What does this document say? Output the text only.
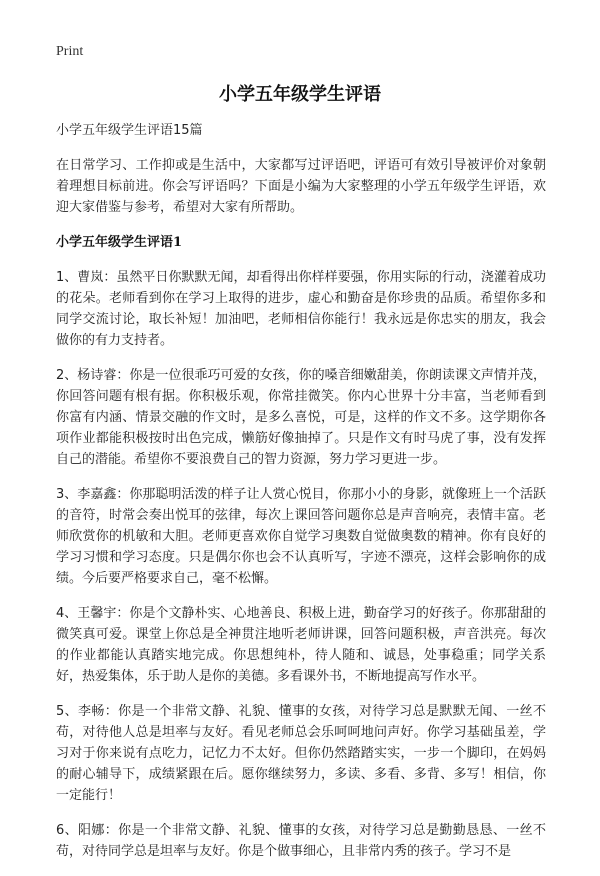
Print
小学五年级学生评语

小学五年级学生评语15篇

在日常学习、工作抑或是生活中，大家都写过评语吧，评语可有效引导被评价对象朝着理想目标前进。你会写评语吗？下面是小编为大家整理的小学五年级学生评语，欢迎大家借鉴与参考，希望对大家有所帮助。

小学五年级学生评语1

1、曹岚：虽然平日你默默无闻，却看得出你样样要强，你用实际的行动，浇灌着成功的花朵。老师看到你在学习上取得的进步，虚心和勤奋是你珍贵的品质。希望你多和同学交流讨论，取长补短！加油吧，老师相信你能行！我永远是你忠实的朋友，我会做你的有力支持者。

2、杨诗睿：你是一位很乖巧可爱的女孩，你的嗓音细嫩甜美，你朗读课文声情并茂，你回答问题有根有据。你积极乐观，你常挂微笑。你内心世界十分丰富，当老师看到你富有内涵、情景交融的作文时，是多么喜悦，可是，这样的作文不多。这学期你各项作业都能积极按时出色完成，懒筋好像抽掉了。只是作文有时马虎了事，没有发挥自己的潜能。希望你不要浪费自己的智力资源，努力学习更进一步。

3、李嘉鑫：你那聪明活泼的样子让人赏心悦目，你那小小的身影，就像班上一个活跃的音符，时常会奏出悦耳的弦律，每次上课回答问题你总是声音响亮，表情丰富。老师欣赏你的机敏和大胆。老师更喜欢你自觉学习奥数自觉做奥数的精神。你有良好的学习习惯和学习态度。只是偶尔你也会不认真听写，字迹不漂亮，这样会影响你的成绩。今后要严格要求自己，毫不松懈。

4、王馨宇：你是个文静朴实、心地善良、积极上进，勤奋学习的好孩子。你那甜甜的微笑真可爱。课堂上你总是全神贯注地听老师讲课，回答问题积极，声音洪亮。每次的作业都能认真踏实地完成。你思想纯朴，待人随和、诚恳，处事稳重；同学关系好，热爱集体，乐于助人是你的美德。多看课外书，不断地提高写作水平。

5、李畅：你是一个非常文静、礼貌、懂事的女孩，对待学习总是默默无闻、一丝不苟，对待他人总是坦率与友好。看见老师总会乐呵呵地问声好。你学习基础虽差，学习对于你来说有点吃力，记忆力不太好。但你仍然踏踏实实，一步一个脚印，在妈妈的耐心辅导下，成绩紧跟在后。愿你继续努力，多读、多看、多背、多写！相信，你一定能行！

6、阳娜：你是一个非常文静、礼貌、懂事的女孩，对待学习总是勤勤恳恳、一丝不苟，对待同学总是坦率与友好。你是个做事细心，且非常内秀的孩子。学习不是
